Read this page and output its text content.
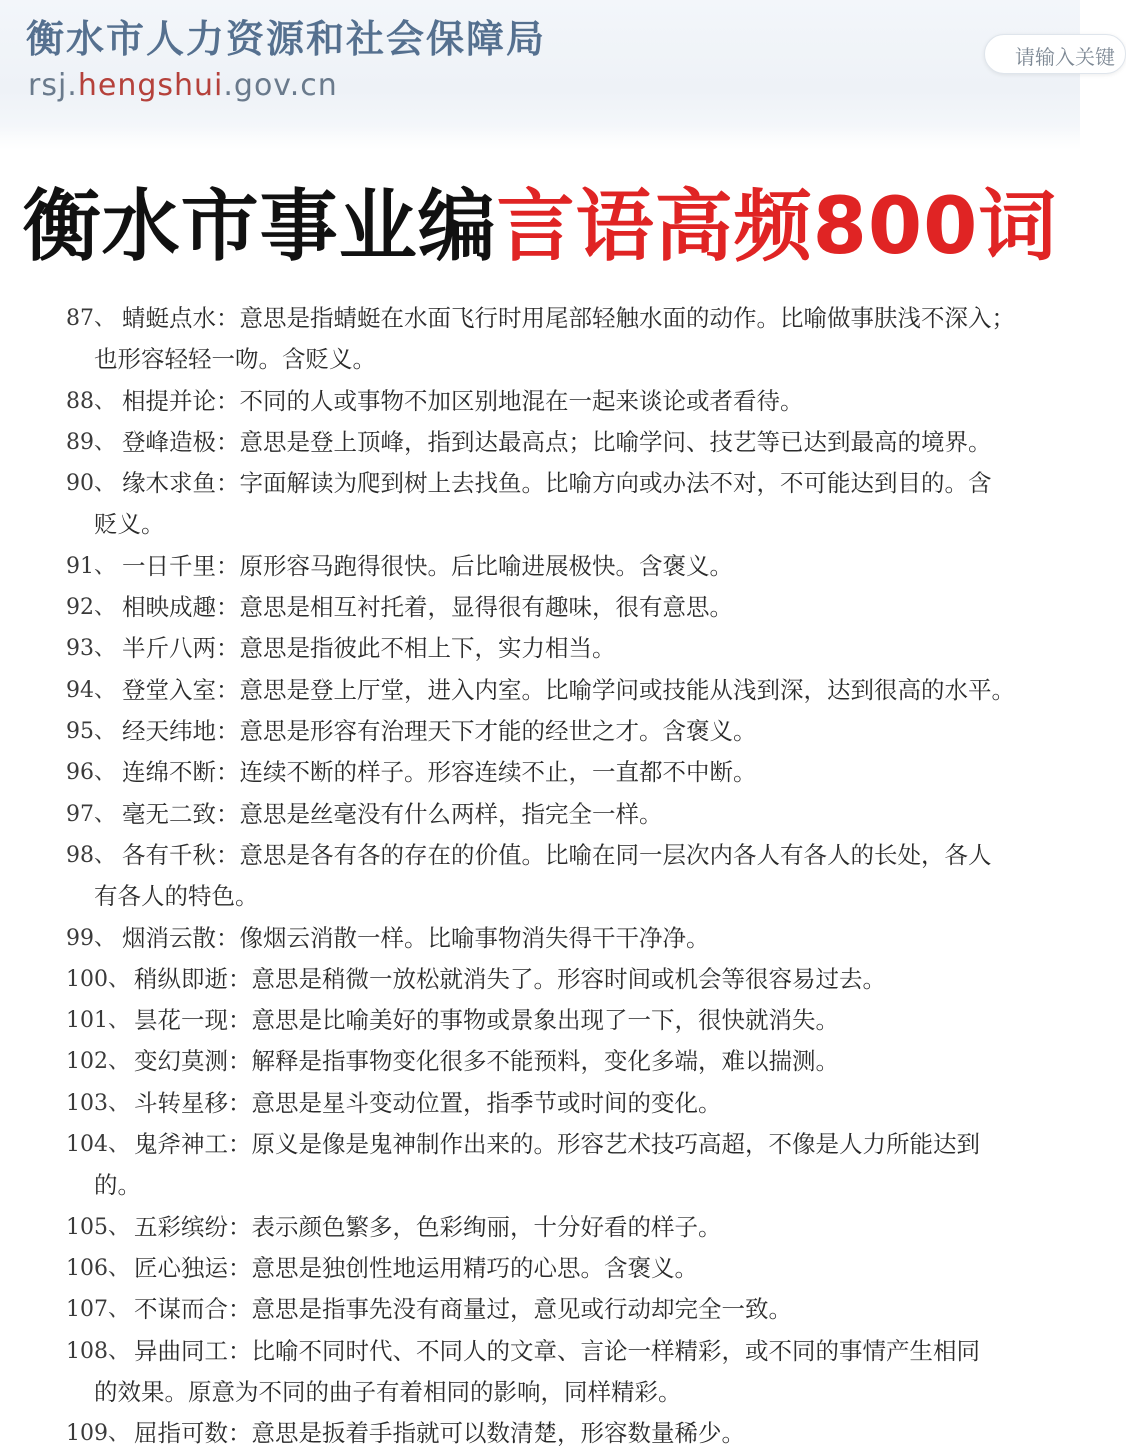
衡水市人力资源和社会保障局
rsj.hengshui.gov.cn
请输入关键
衡水市事业编言语高频800词
87、 蜻蜓点水：意思是指蜻蜓在水面飞行时用尾部轻触水面的动作。比喻做事肤浅不深入；
也形容轻轻一吻。含贬义。
88、 相提并论：不同的人或事物不加区别地混在一起来谈论或者看待。
89、 登峰造极：意思是登上顶峰，指到达最高点；比喻学问、技艺等已达到最高的境界。
90、 缘木求鱼：字面解读为爬到树上去找鱼。比喻方向或办法不对，不可能达到目的。含
贬义。
91、 一日千里：原形容马跑得很快。后比喻进展极快。含褒义。
92、 相映成趣：意思是相互衬托着，显得很有趣味，很有意思。
93、 半斤八两：意思是指彼此不相上下，实力相当。
94、 登堂入室：意思是登上厅堂，进入内室。比喻学问或技能从浅到深，达到很高的水平。
95、 经天纬地：意思是形容有治理天下才能的经世之才。含褒义。
96、 连绵不断：连续不断的样子。形容连续不止，一直都不中断。
97、 毫无二致：意思是丝毫没有什么两样，指完全一样。
98、 各有千秋：意思是各有各的存在的价值。比喻在同一层次内各人有各人的长处，各人
有各人的特色。
99、 烟消云散：像烟云消散一样。比喻事物消失得干干净净。
100、 稍纵即逝：意思是稍微一放松就消失了。形容时间或机会等很容易过去。
101、 昙花一现：意思是比喻美好的事物或景象出现了一下，很快就消失。
102、 变幻莫测：解释是指事物变化很多不能预料，变化多端，难以揣测。
103、 斗转星移：意思是星斗变动位置，指季节或时间的变化。
104、 鬼斧神工：原义是像是鬼神制作出来的。形容艺术技巧高超，不像是人力所能达到
的。
105、 五彩缤纷：表示颜色繁多，色彩绚丽，十分好看的样子。
106、 匠心独运：意思是独创性地运用精巧的心思。含褒义。
107、 不谋而合：意思是指事先没有商量过，意见或行动却完全一致。
108、 异曲同工：比喻不同时代、不同人的文章、言论一样精彩，或不同的事情产生相同
的效果。原意为不同的曲子有着相同的影响，同样精彩。
109、 屈指可数：意思是扳着手指就可以数清楚，形容数量稀少。
